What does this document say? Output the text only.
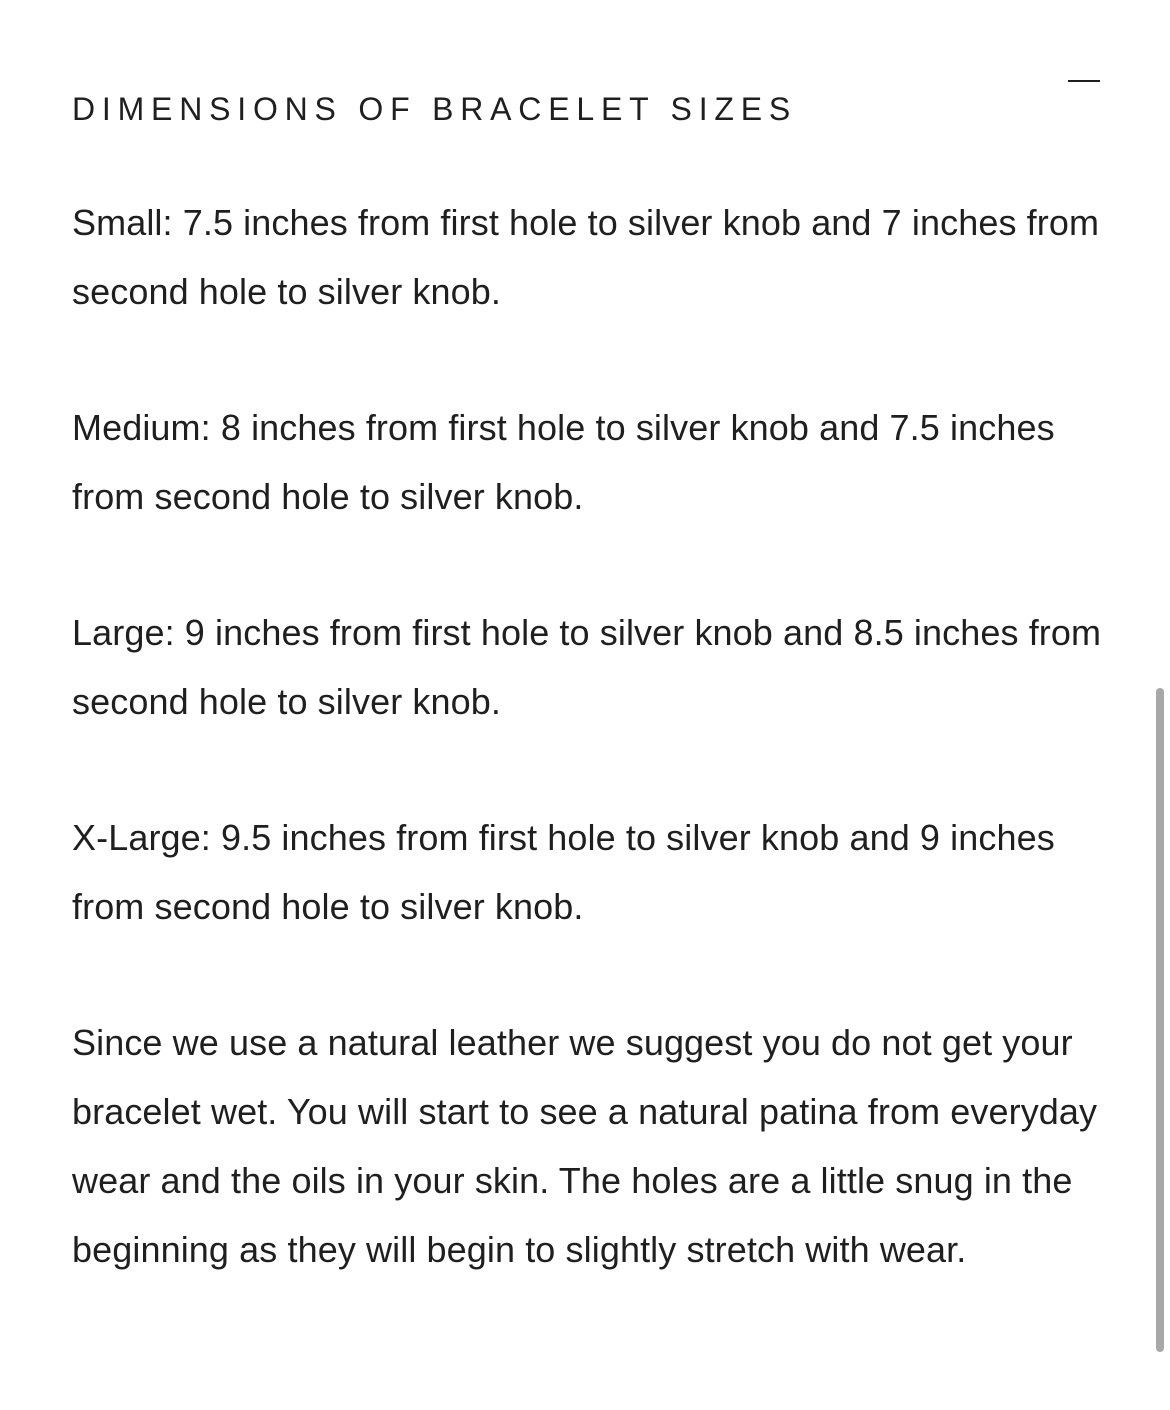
DIMENSIONS OF BRACELET SIZES

Small: 7.5 inches from first hole to silver knob and 7 inches from second hole to silver knob.

Medium: 8 inches from first hole to silver knob and 7.5 inches from second hole to silver knob.

Large: 9 inches from first hole to silver knob and 8.5 inches from second hole to silver knob.

X-Large: 9.5 inches from first hole to silver knob and 9 inches from second hole to silver knob.

Since we use a natural leather we suggest you do not get your bracelet wet. You will start to see a natural patina from everyday wear and the oils in your skin. The holes are a little snug in the beginning as they will begin to slightly stretch with wear.
